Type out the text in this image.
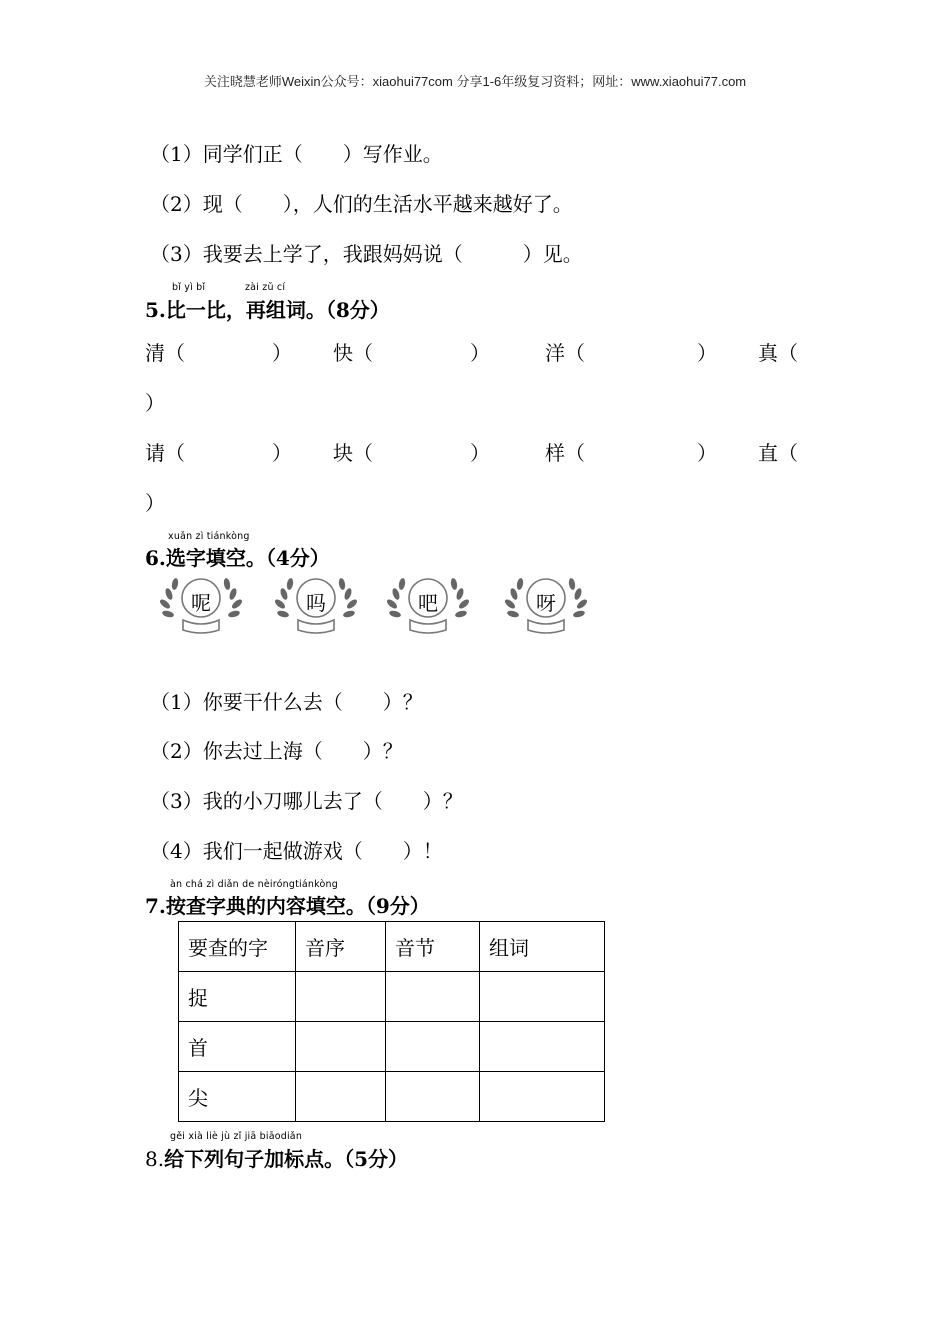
关注晓慧老师Weixin公众号：xiaohui77com 分享1-6年级复习资料；网址：www.xiaohui77.com
（1）同学们正（　　）写作业。
（2）现（　　），人们的生活水平越来越好了。
（3）我要去上学了，我跟妈妈说（　　　）见。
bǐ yì bǐ	zài zǔ cí
5.比一比，再组词。（8分）
清（	） 快（	）	洋（	） 真（
）
请（	） 块（	）	样（	） 直（
）
xuǎn zì tiánkòng
6.选字填空。（4分）
呢	吗	吧	呀
（1）你要干什么去（　　）？
（2）你去过上海（　　）？
（3）我的小刀哪儿去了（　　）？
（4）我们一起做游戏（　　）！
àn chá zì diǎn de nèiróngtiánkòng
7.按查字典的内容填空。（9分）
要查的字	音序	音节	组词
捉			
首			
尖			
gěi xià liè jù zǐ jiā biāodiǎn
8.给下列句子加标点。（5分）
